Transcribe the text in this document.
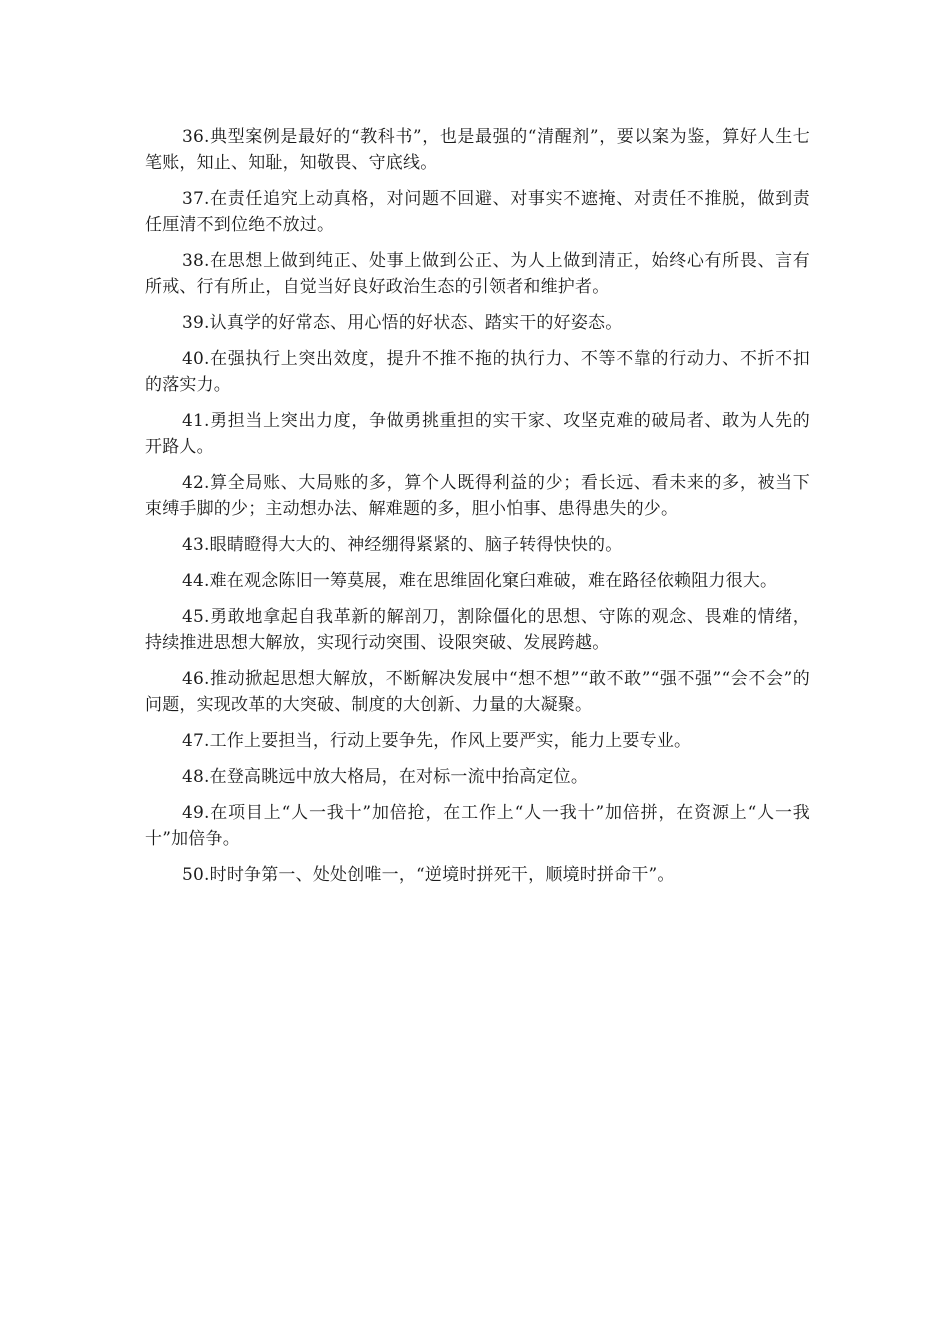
36.典型案例是最好的“教科书”，也是最强的“清醒剂”，要以案为鉴，算好人生七笔账，知止、知耻，知敬畏、守底线。

37.在责任追究上动真格，对问题不回避、对事实不遮掩、对责任不推脱，做到责任厘清不到位绝不放过。

38.在思想上做到纯正、处事上做到公正、为人上做到清正，始终心有所畏、言有所戒、行有所止，自觉当好良好政治生态的引领者和维护者。

39.认真学的好常态、用心悟的好状态、踏实干的好姿态。

40.在强执行上突出效度，提升不推不拖的执行力、不等不靠的行动力、不折不扣的落实力。

41.勇担当上突出力度，争做勇挑重担的实干家、攻坚克难的破局者、敢为人先的开路人。

42.算全局账、大局账的多，算个人既得利益的少；看长远、看未来的多，被当下束缚手脚的少；主动想办法、解难题的多，胆小怕事、患得患失的少。

43.眼睛瞪得大大的、神经绷得紧紧的、脑子转得快快的。

44.难在观念陈旧一筹莫展，难在思维固化窠臼难破，难在路径依赖阻力很大。

45.勇敢地拿起自我革新的解剖刀，割除僵化的思想、守陈的观念、畏难的情绪，持续推进思想大解放，实现行动突围、设限突破、发展跨越。

46.推动掀起思想大解放，不断解决发展中“想不想”“敢不敢”“强不强”“会不会”的问题，实现改革的大突破、制度的大创新、力量的大凝聚。

47.工作上要担当，行动上要争先，作风上要严实，能力上要专业。

48.在登高眺远中放大格局，在对标一流中抬高定位。

49.在项目上“人一我十”加倍抢，在工作上“人一我十”加倍拼，在资源上“人一我十”加倍争。

50.时时争第一、处处创唯一，“逆境时拼死干，顺境时拼命干”。
